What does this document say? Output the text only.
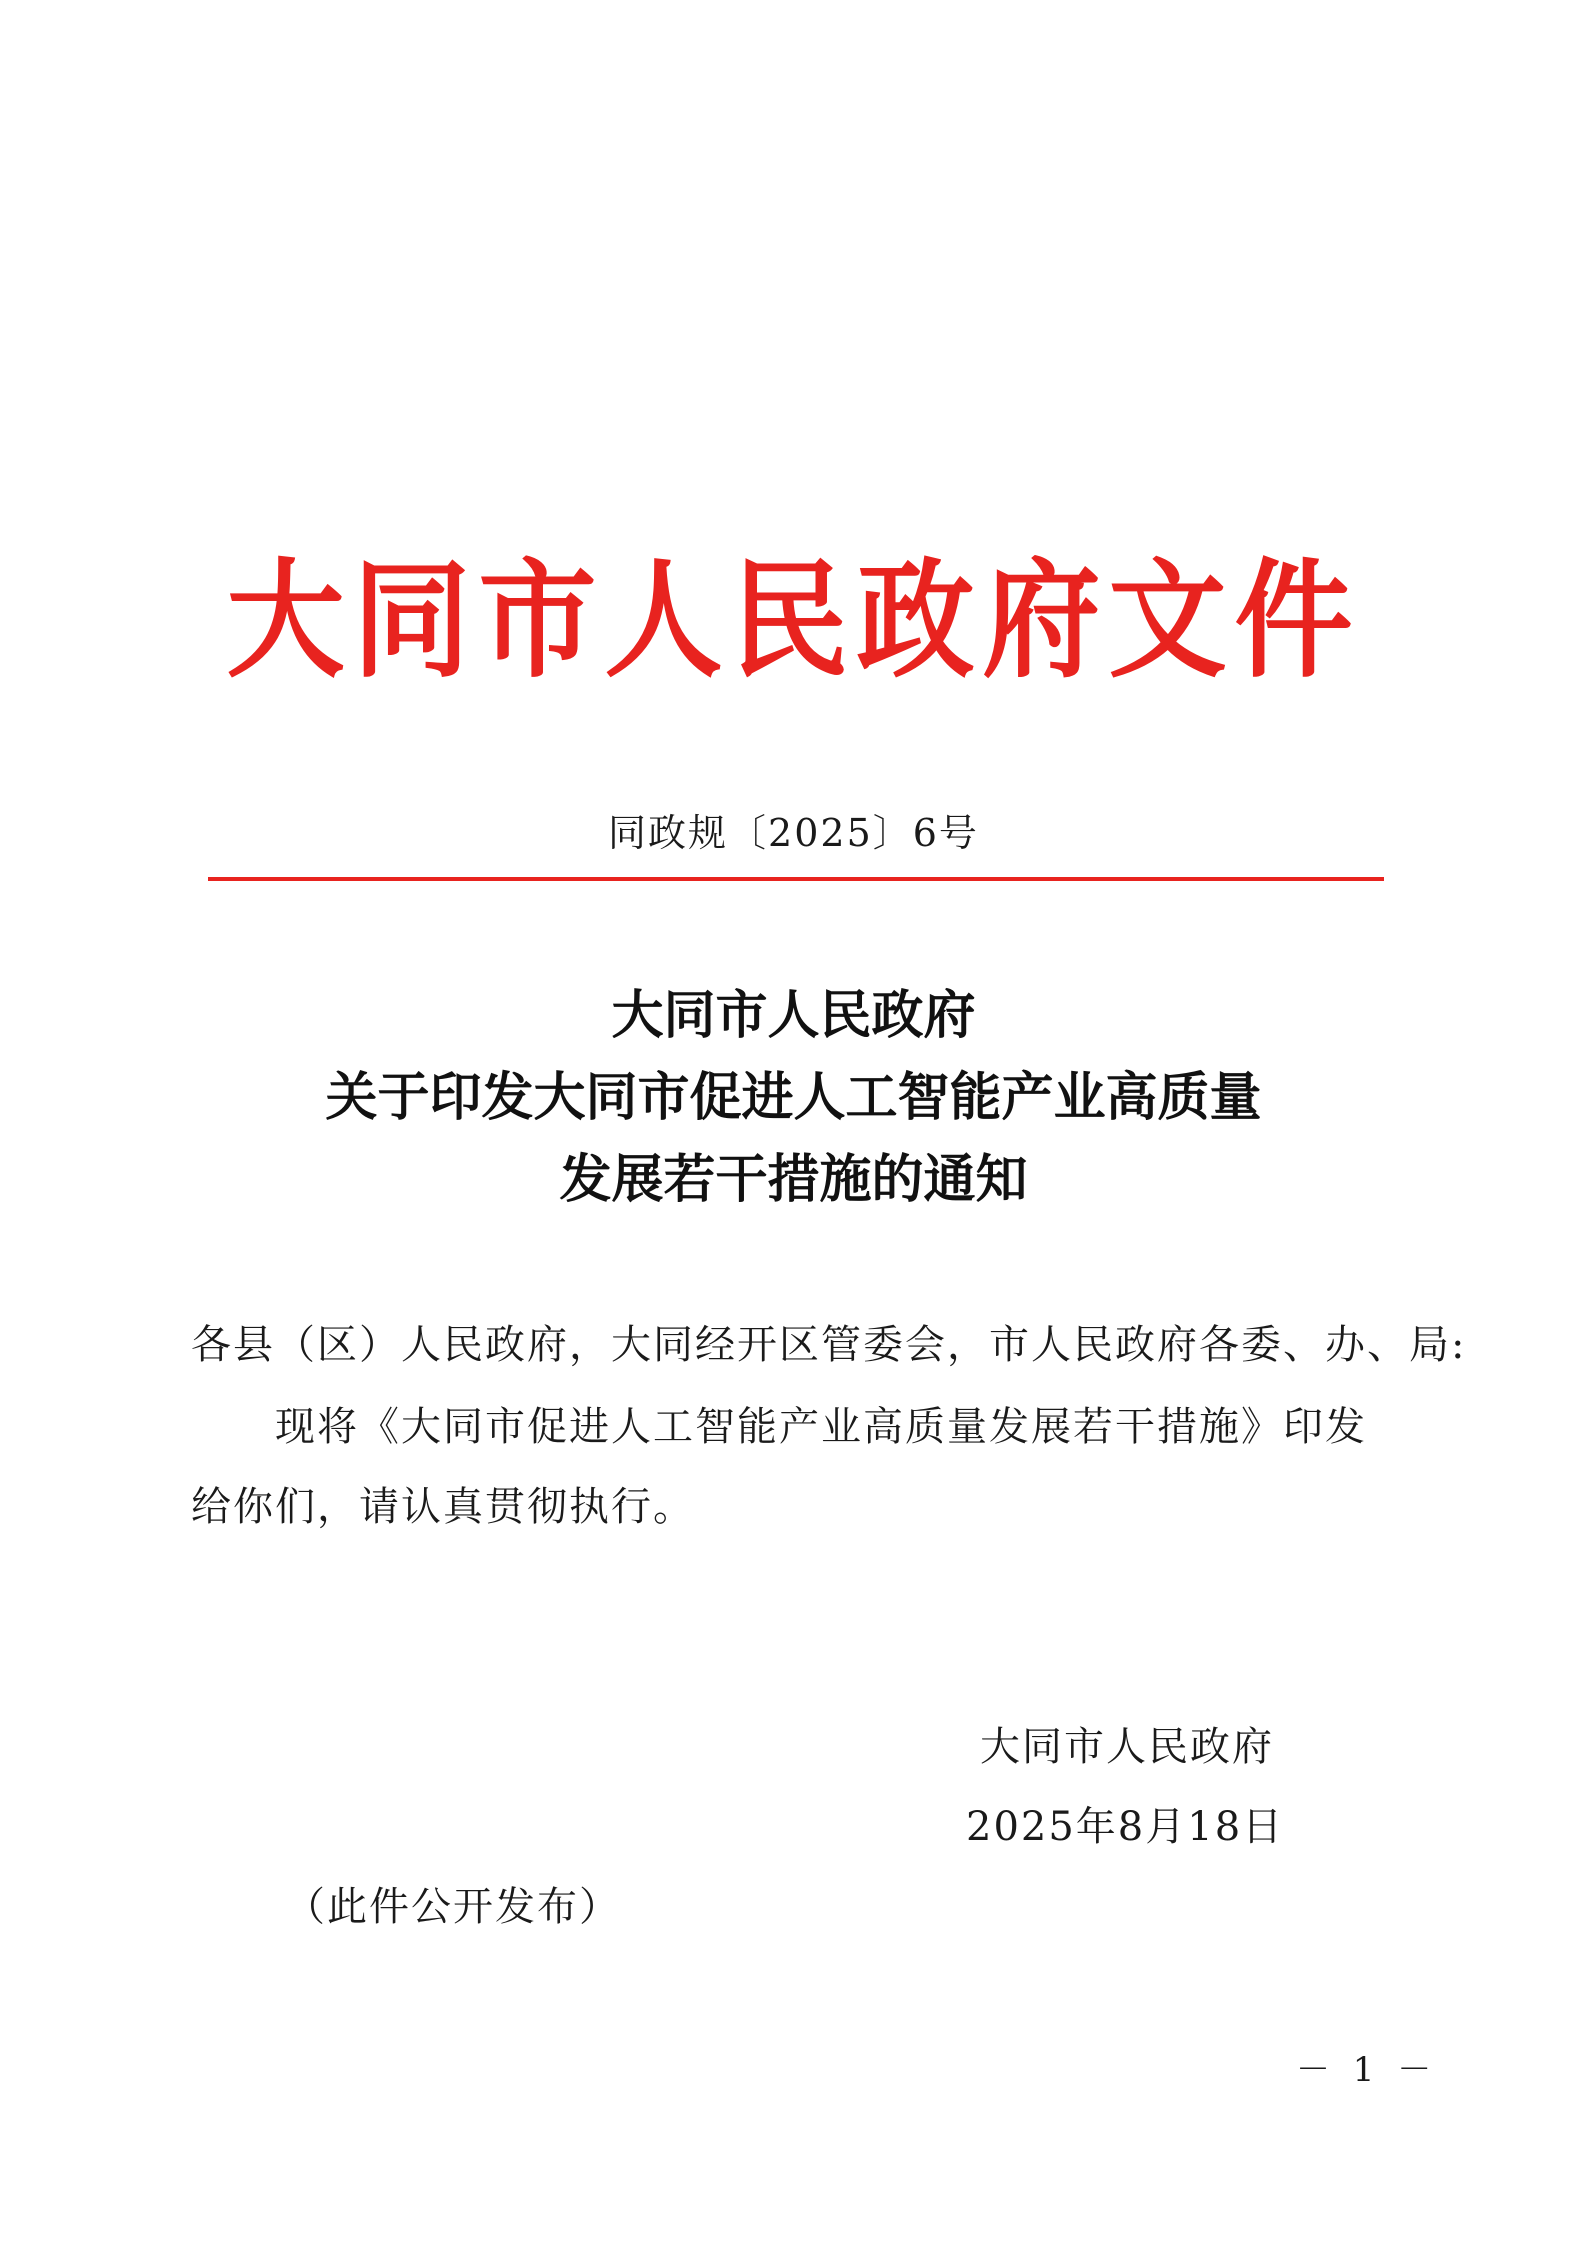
大同市人民政府文件
同政规〔2025〕6号
大同市人民政府
关于印发大同市促进人工智能产业高质量
发展若干措施的通知
各县（区）人民政府，大同经开区管委会，市人民政府各委、办、局:
现将《大同市促进人工智能产业高质量发展若干措施》印发
给你们，请认真贯彻执行。
大同市人民政府
2025年8月18日
（此件公开发布）
－ 1 －
